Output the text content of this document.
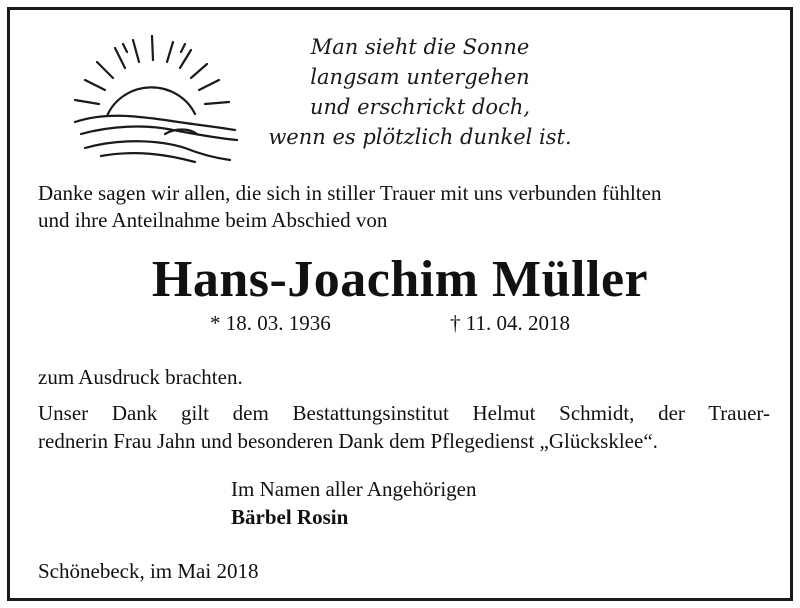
Man sieht die Sonne
langsam untergehen
und erschrickt doch,
wenn es plötzlich dunkel ist.
Danke sagen wir allen, die sich in stiller Trauer mit uns verbunden fühlten
und ihre Anteilnahme beim Abschied von
Hans-Joachim Müller
* 18. 03. 1936	† 11. 04. 2018
zum Ausdruck brachten.
Unser Dank gilt dem Bestattungsinstitut Helmut Schmidt, der Trauer-
rednerin Frau Jahn und besonderen Dank dem Pflegedienst „Glücksklee“.
Im Namen aller Angehörigen
Bärbel Rosin
Schönebeck, im Mai 2018
